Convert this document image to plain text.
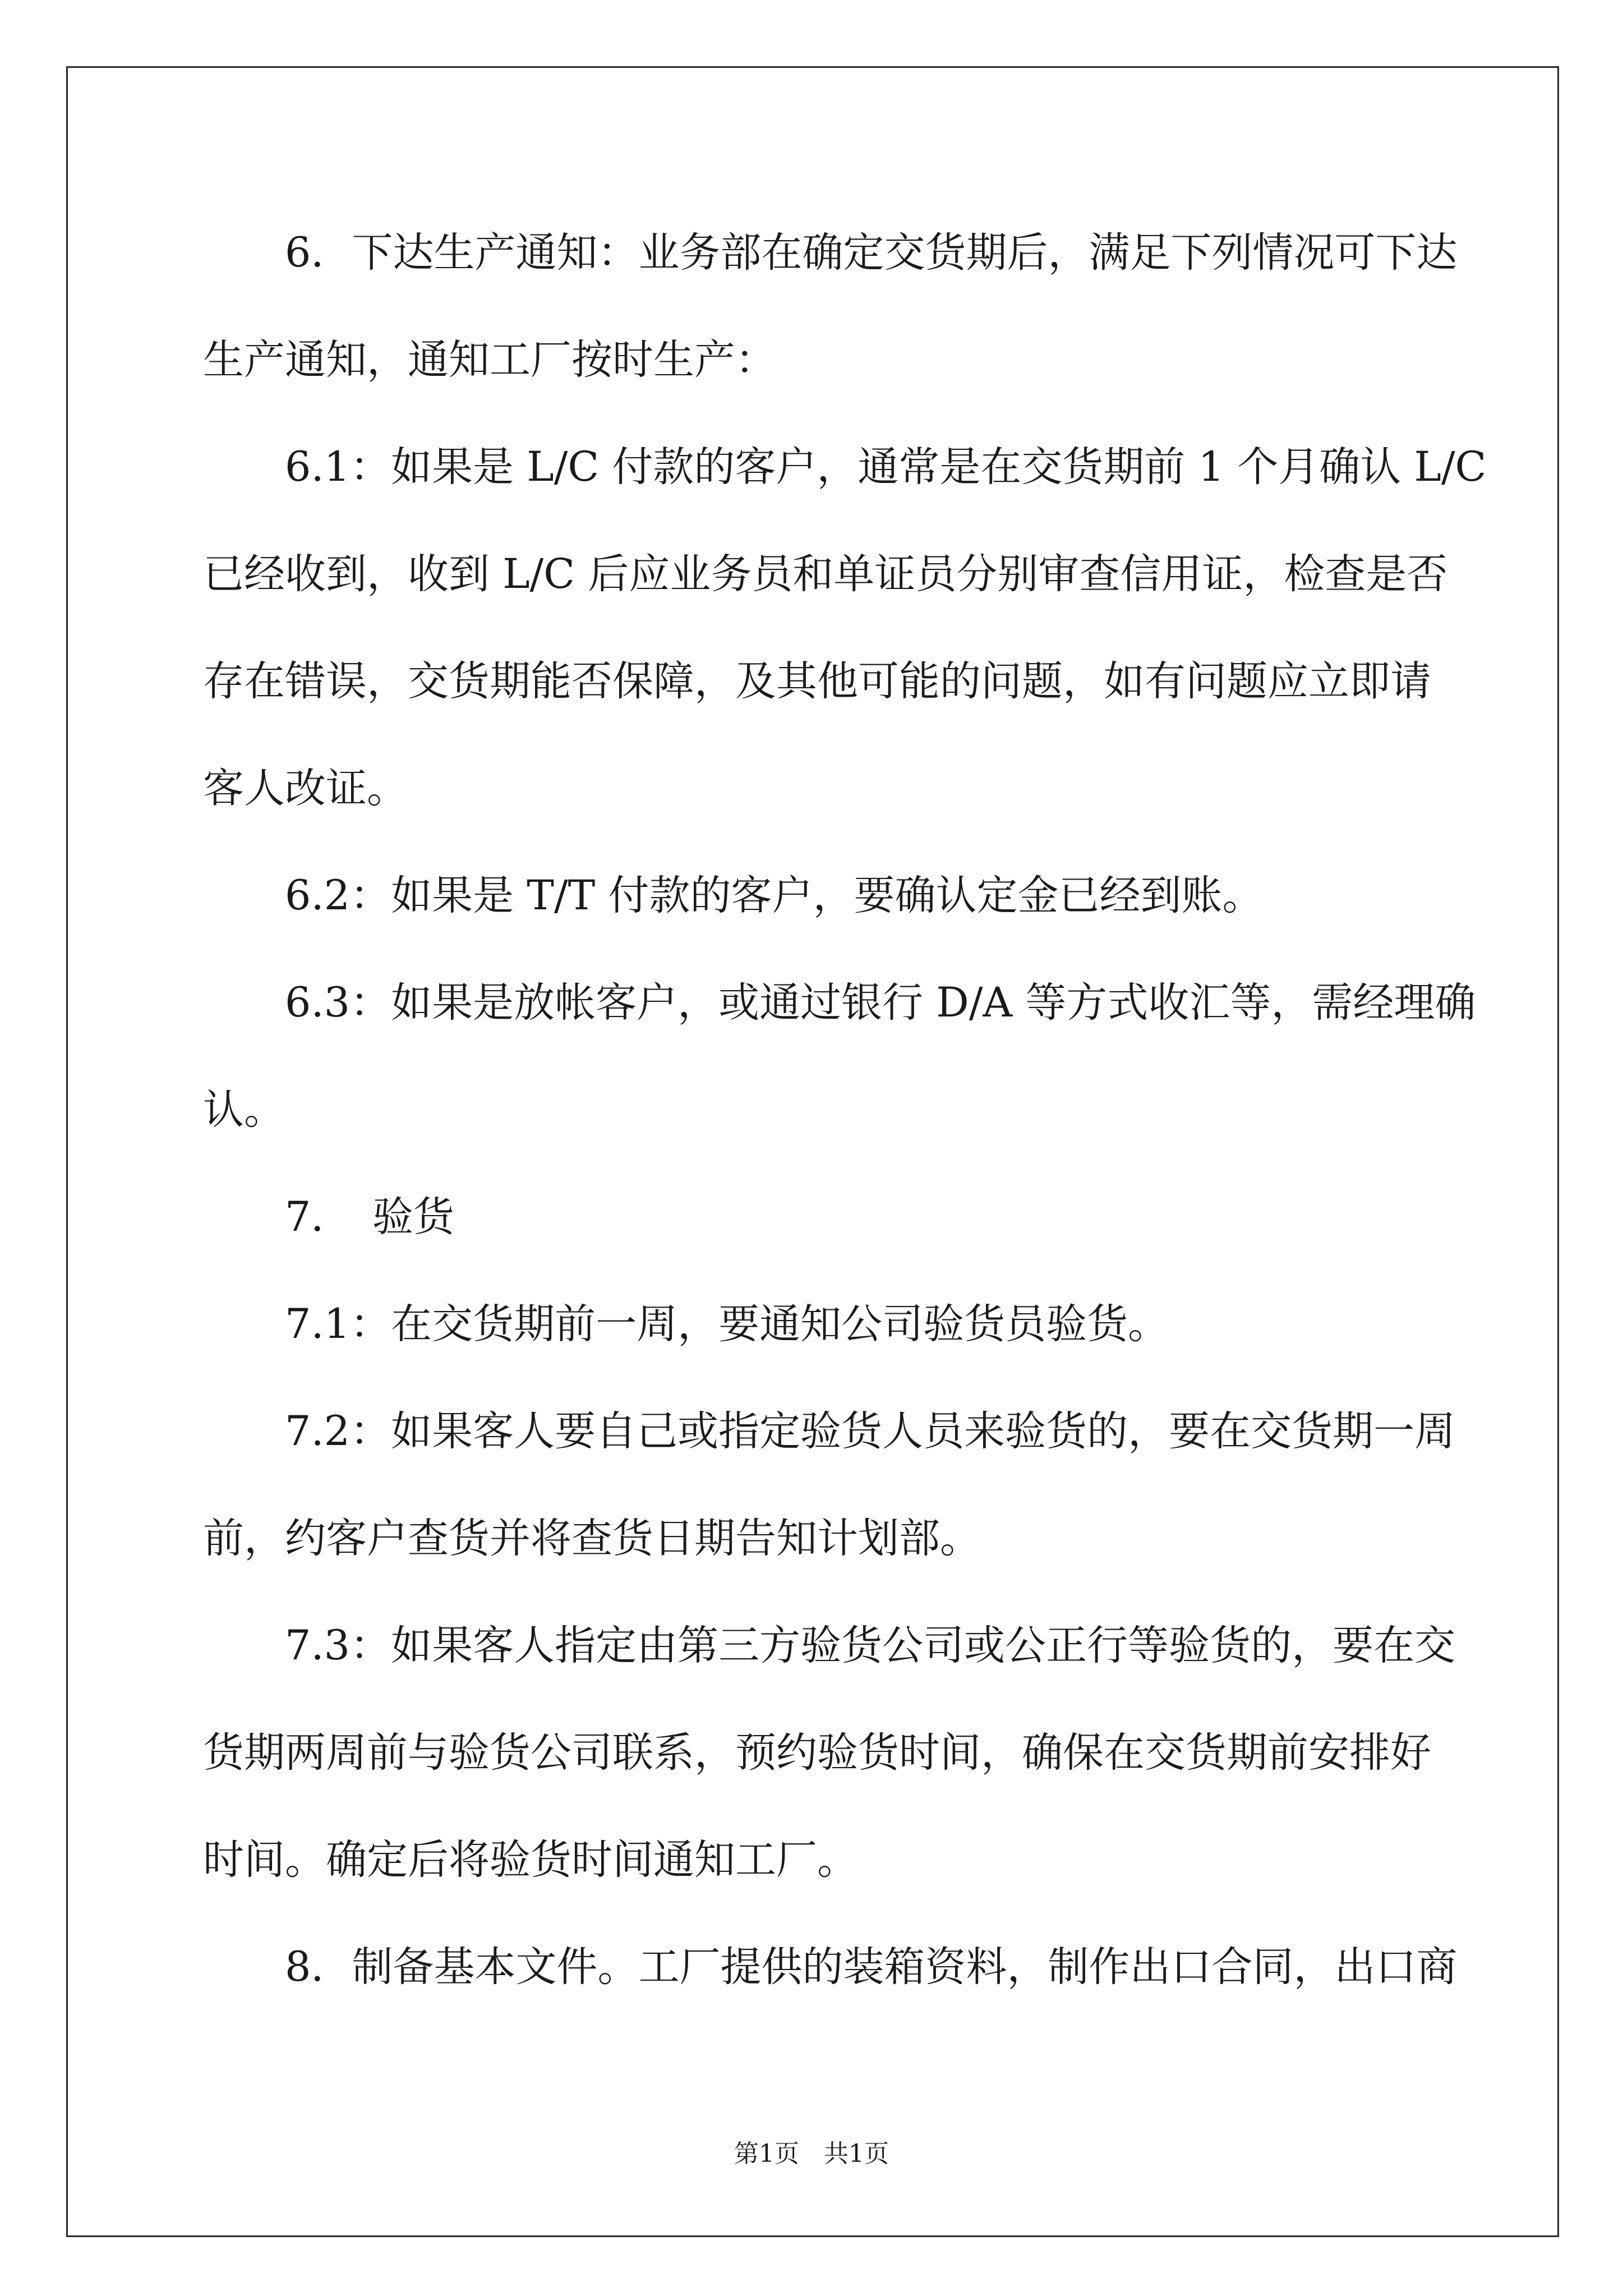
6．下达生产通知：业务部在确定交货期后，满足下列情况可下达
生产通知，通知工厂按时生产：
6.1：如果是 L/C 付款的客户，通常是在交货期前 1 个月确认 L/C
已经收到，收到 L/C 后应业务员和单证员分别审查信用证，检查是否
存在错误，交货期能否保障，及其他可能的问题，如有问题应立即请
客人改证。
6.2：如果是 T/T 付款的客户，要确认定金已经到账。
6.3：如果是放帐客户，或通过银行 D/A 等方式收汇等，需经理确
认。
7．　验货
7.1：在交货期前一周，要通知公司验货员验货。
7.2：如果客人要自己或指定验货人员来验货的，要在交货期一周
前，约客户查货并将查货日期告知计划部。
7.3：如果客人指定由第三方验货公司或公正行等验货的，要在交
货期两周前与验货公司联系，预约验货时间，确保在交货期前安排好
时间。确定后将验货时间通知工厂。
8．制备基本文件。工厂提供的装箱资料，制作出口合同，出口商
第1页　共1页
